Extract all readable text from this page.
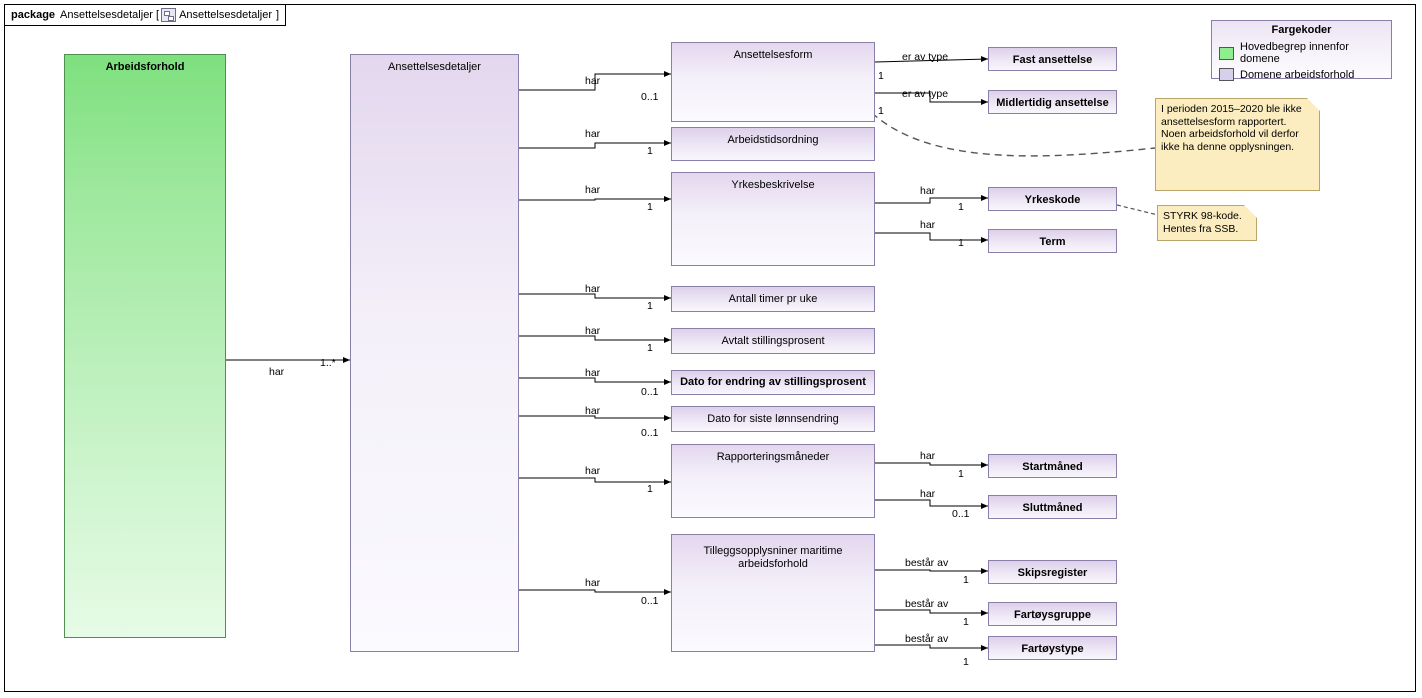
package Ansettelsesdetaljer [ Ansettelsesdetaljer ]
Arbeidsforhold	Ansettelsesdetaljer
Ansettelsesform	Fast ansettelse
Midlertidig ansettelse
Arbeidstidsordning
Yrkesbeskrivelse
Yrkeskode
Term
Antall timer pr uke
Avtalt stillingsprosent
Dato for endring av stillingsprosent
Dato for siste lønnsendring
Rapporteringsmåneder
Startmåned
Sluttmåned
Tilleggsopplysniner maritime arbeidsforhold
Skipsregister
Fartøysgruppe
Fartøystype
I perioden 2015–2020 ble ikke ansettelsesform rapportert. Noen arbeidsforhold vil derfor ikke ha denne opplysningen.
STYRK 98-kode. Hentes fra SSB.
Fargekoder
Hovedbegrep innenfor domene
Domene arbeidsforhold
har
1..*
har
0..1
har
1
har
1
har
1
har
1
har
0..1
har
0..1
har
1
har
0..1
er av type
1
er av type
1
har
1
har
1
har
1
har
0..1
består av
1
består av
1
består av
1
